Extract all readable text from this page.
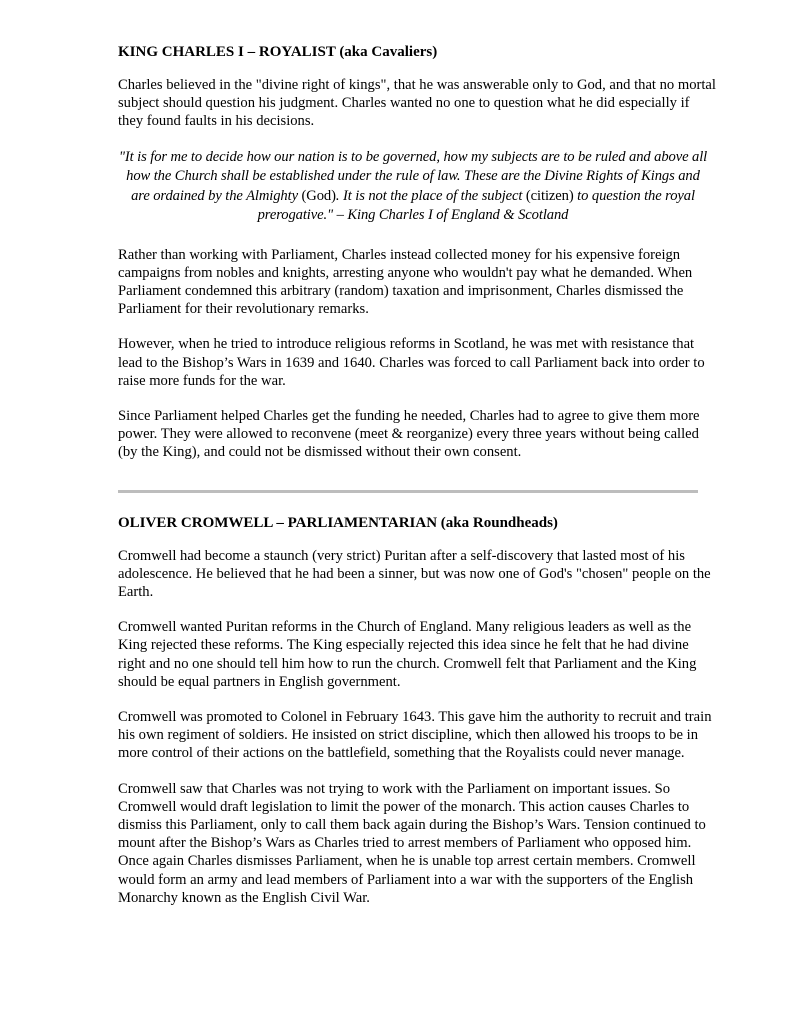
KING CHARLES I – ROYALIST (aka Cavaliers)

Charles believed in the "divine right of kings", that he was answerable only to God, and that no mortal subject should question his judgment. Charles wanted no one to question what he did especially if they found faults in his decisions.

"It is for me to decide how our nation is to be governed, how my subjects are to be ruled and above all how the Church shall be established under the rule of law. These are the Divine Rights of Kings and are ordained by the Almighty (God). It is not the place of the subject (citizen) to question the royal prerogative." – King Charles I of England & Scotland

Rather than working with Parliament, Charles instead collected money for his expensive foreign campaigns from nobles and knights, arresting anyone who wouldn't pay what he demanded. When Parliament condemned this arbitrary (random) taxation and imprisonment, Charles dismissed the Parliament for their revolutionary remarks.

However, when he tried to introduce religious reforms in Scotland, he was met with resistance that lead to the Bishop’s Wars in 1639 and 1640. Charles was forced to call Parliament back into order to raise more funds for the war.

Since Parliament helped Charles get the funding he needed, Charles had to agree to give them more power. They were allowed to reconvene (meet & reorganize) every three years without being called (by the King), and could not be dismissed without their own consent.

OLIVER CROMWELL – PARLIAMENTARIAN (aka Roundheads)

Cromwell had become a staunch (very strict) Puritan after a self-discovery that lasted most of his adolescence. He believed that he had been a sinner, but was now one of God's "chosen" people on the Earth.

Cromwell wanted Puritan reforms in the Church of England. Many religious leaders as well as the King rejected these reforms. The King especially rejected this idea since he felt that he had divine right and no one should tell him how to run the church. Cromwell felt that Parliament and the King should be equal partners in English government.

Cromwell was promoted to Colonel in February 1643. This gave him the authority to recruit and train his own regiment of soldiers. He insisted on strict discipline, which then allowed his troops to be in more control of their actions on the battlefield, something that the Royalists could never manage.

Cromwell saw that Charles was not trying to work with the Parliament on important issues. So Cromwell would draft legislation to limit the power of the monarch. This action causes Charles to dismiss this Parliament, only to call them back again during the Bishop’s Wars. Tension continued to mount after the Bishop’s Wars as Charles tried to arrest members of Parliament who opposed him. Once again Charles dismisses Parliament, when he is unable top arrest certain members. Cromwell would form an army and lead members of Parliament into a war with the supporters of the English Monarchy known as the English Civil War.
